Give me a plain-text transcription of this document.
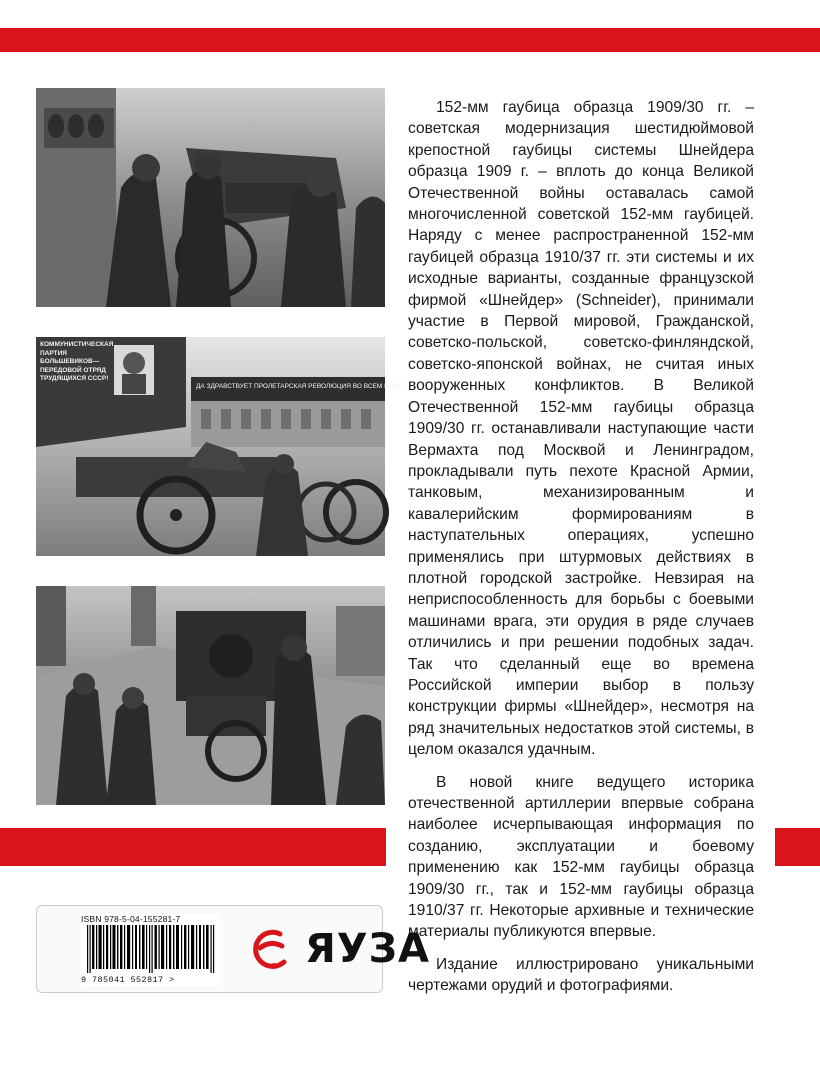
ДА ЗДРАВСТВУЕТ ПРОЛЕТАРСКАЯ РЕВОЛЮЦИЯ ВО ВСЕМ МИРЕ
КОММУНИСТИЧЕСКАЯ
ПАРТИЯ
БОЛЬШЕВИКОВ—
ПЕРЕДОВОЙ ОТРЯД
ТРУДЯЩИХСЯ СССР!

152-мм гаубица образца 1909/30 гг. – советская модернизация шестидюймовой крепостной гаубицы системы Шнейдера образца 1909 г. – вплоть до конца Великой Отечественной войны оставалась самой многочисленной советской 152-мм гаубицей. Наряду с менее распространенной 152-мм гаубицей образца 1910/37 гг. эти системы и их исходные варианты, созданные французской фирмой «Шнейдер» (Schneider), принимали участие в Первой мировой, Гражданской, советско-польской, советско-финляндской, советско-японской войнах, не считая иных вооруженных конфликтов. В Великой Отечественной 152-мм гаубицы образца 1909/30 гг. останавливали наступающие части Вермахта под Москвой и Ленинградом, прокладывали путь пехоте Красной Армии, танковым, механизированным и кавалерийским формированиям в наступательных операциях, успешно применялись при штурмовых действиях в плотной городской застройке. Невзирая на неприспособленность для борьбы с боевыми машинами врага, эти орудия в ряде случаев отличились и при решении подобных задач. Так что сделанный еще во времена Российской империи выбор в пользу конструкции фирмы «Шнейдер», несмотря на ряд значительных недостатков этой системы, в целом оказался удачным.

В новой книге ведущего историка отечественной артиллерии впервые собрана наиболее исчерпывающая информация по созданию, эксплуатации и боевому применению как 152-мм гаубицы образца 1909/30 гг., так и 152-мм гаубицы образца 1910/37 гг. Некоторые архивные и технические материалы публикуются впервые.

Издание иллюстрировано уникальными чертежами орудий и фотографиями.

ISBN 978-5-04-155281-7
9 785041 552817 >
ЯУЗА
